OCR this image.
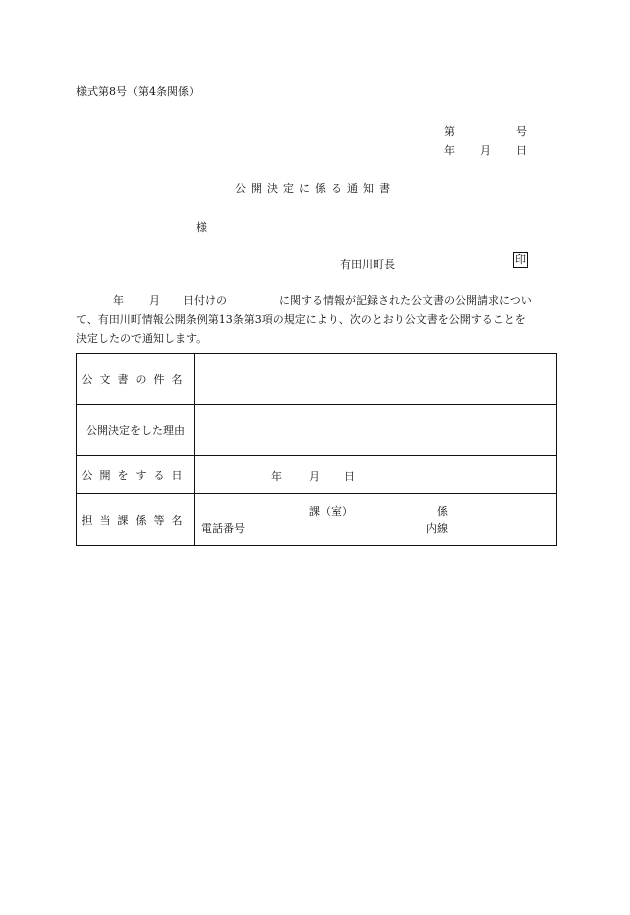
様式第8号（第4条関係）
第	号
年 月 日
公開決定に係る通知書
様
有田川町長	印
年 月 日付けの	に関する情報が記録された公文書の公開請求につい
て、有田川町情報公開条例第13条第3項の規定により、次のとおり公文書を公開することを
決定したので通知します。
公文書の件名	
公開決定をした理由	
公開をする日	年 月 日

担当課係等名	課（室） 係
電話番号 内線
